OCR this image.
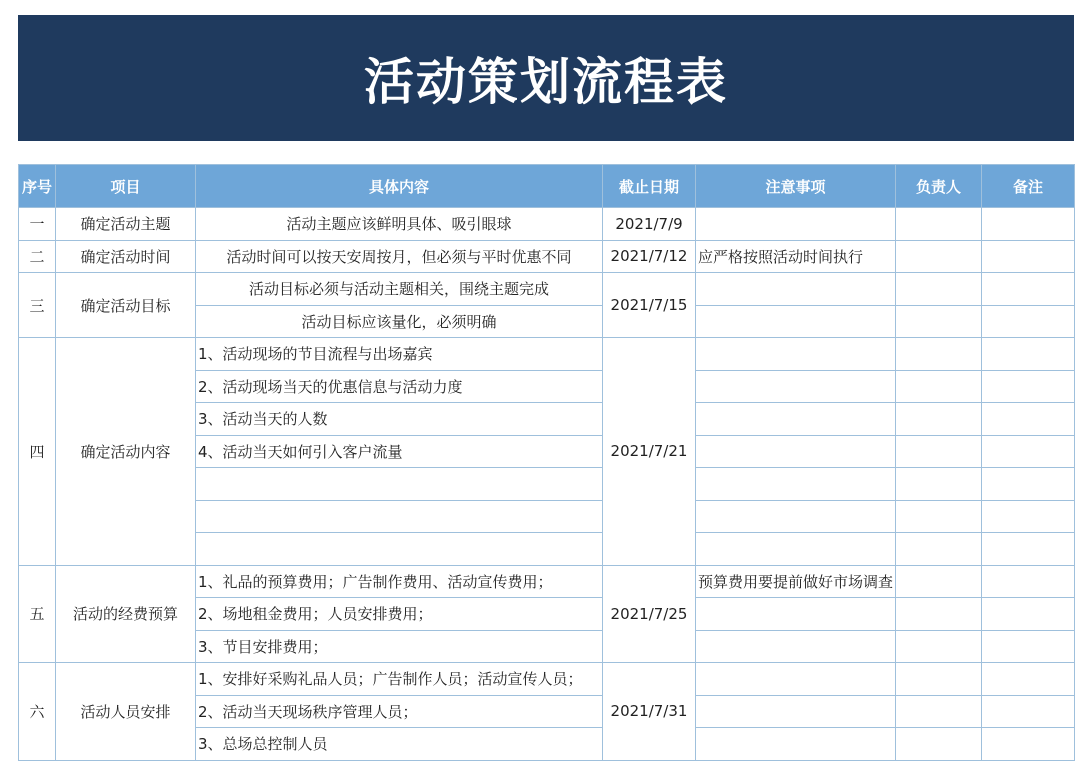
活动策划流程表
序号	项目	具体内容	截止日期	注意事项	负责人	备注
一	确定活动主题	活动主题应该鲜明具体、吸引眼球	2021/7/9			
二	确定活动时间	活动时间可以按天安周按月，但必须与平时优惠不同	2021/7/12	应严格按照活动时间执行		
三	确定活动目标	活动目标必须与活动主题相关，围绕主题完成	2021/7/15			
		活动目标应该量化，必须明确				
四	确定活动内容	1、活动现场的节目流程与出场嘉宾	2021/7/21			
		2、活动现场当天的优惠信息与活动力度				
		3、活动当天的人数				
		4、活动当天如何引入客户流量				

五	活动的经费预算	1、礼品的预算费用；广告制作费用、活动宣传费用；	2021/7/25	预算费用要提前做好市场调查		
		2、场地租金费用；人员安排费用；				
		3、节目安排费用；				
六	活动人员安排	1、安排好采购礼品人员；广告制作人员；活动宣传人员；	2021/7/31			
		2、活动当天现场秩序管理人员；				
		3、总场总控制人员				
